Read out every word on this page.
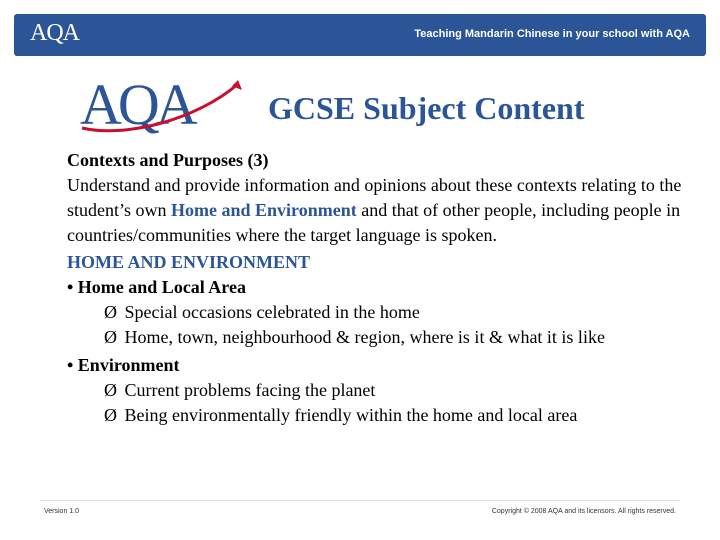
AQA	Teaching Mandarin Chinese in your school with AQA
AQA GCSE Subject Content

Contexts and Purposes (3)

Understand and provide information and opinions about these contexts relating to the student’s own Home and Environment and that of other people, including people in countries/communities where the target language is spoken.

HOME AND ENVIRONMENT

• Home and Local Area

Ø Special occasions celebrated in the home

Ø Home, town, neighbourhood & region, where is it & what it is like

• Environment

Ø Current problems facing the planet

Ø Being environmentally friendly within the home and local area

Version 1.0	Copyright © 2008 AQA and its licensors. All rights reserved.
